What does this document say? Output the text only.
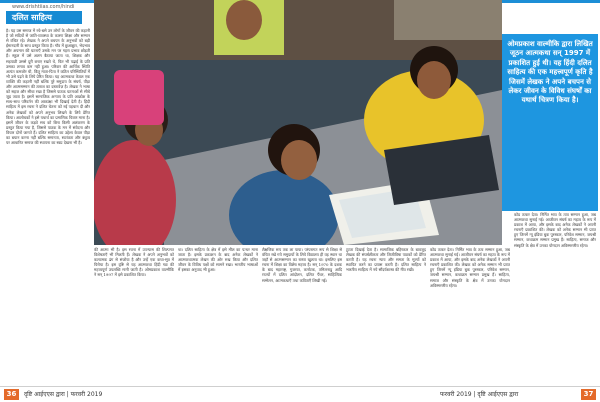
www.drishtiias.com/hindi
दलित साहित्य
है। यह उस समाज में रचे-बसे उन लोगों के जीवन की कहानी है जो सदियों से जाति-व्यवस्था के कारण शिक्षा और सम्मान से वंचित रहे। लेखक ने अपने बचपन के अनुभवों को बड़ी ईमानदारी के साथ प्रस्तुत किया है। गाँव में छुआछूत, भेदभाव और अपमान की घटनाएँ उसके मन पर गहरा प्रभाव छोड़ती हैं। स्कूल में उसे अलग बैठाया जाता था, शिक्षक और सहपाठी उससे दूरी बनाए रखते थे, फिर भी पढ़ाई के प्रति उसका लगाव कम नहीं हुआ। परिवार की आर्थिक स्थिति अत्यंत कमजोर थी, किंतु माता-पिता ने कठिन परिस्थितियों में भी उसे पढ़ने के लिये प्रेरित किया। यह आत्मकथा केवल एक व्यक्ति की कहानी नहीं बल्कि पूरे समुदाय के संघर्ष, पीड़ा और आत्मसम्मान की तलाश का दस्तावेज़ है। लेखक ने भाषा को सहज और सीधा रखा है जिससे पाठक घटनाओं से सीधे जुड़ जाता है। इसमें सामाजिक अन्याय के प्रति आक्रोश के साथ-साथ परिवर्तन की आकांक्षा भी दिखाई देती है। हिंदी साहित्य में इस रचना ने दलित चेतना को नई पहचान दी और अनेक लेखकों को अपने अनुभव लिखने के लिये प्रेरित किया। आलोचकों ने इसे यथार्थ का प्रमाणिक चित्रण माना है। इसमें जीवन के कड़वे सच को बिना किसी अलंकरण के प्रस्तुत किया गया है, जिससे पाठक के मन में संवेदना और विचार दोनों जागते हैं। दलित साहित्य का उद्देश्य केवल पीड़ा का बयान करना नहीं बल्कि समानता, स्वतंत्रता और बंधुत्व पर आधारित समाज की स्थापना का स्वप्न देखना भी है।
ओमप्रकाश वाल्मीकि द्वारा लिखित जूठन आत्मकथा सन् 1997 में प्रकाशित हुई थी। यह हिंदी दलित साहित्य की एक महत्त्वपूर्ण कृति है जिसमें लेखक ने अपने बचपन से लेकर जीवन के विविध संघर्षों का यथार्थ चित्रण किया है।
की आत्मा भी है। इस रचना में उपन्यास की शिल्पगत विशेषताएँ भी मिलती हैं। लेखक ने अपने अनुभवों को कलात्मक ढंग से संजोया है और उन्हें एक कथा-सूत्र में पिरोया है। इस दृष्टि से यह आत्मकथा हिंदी गद्य की महत्त्वपूर्ण उपलब्धि मानी जाती है। ओमप्रकाश वाल्मीकि ने सन् 1997 में इसे प्रकाशित किया।
था। दलित साहित्य के क्षेत्र में इसे मील का पत्थर माना जाता है। इसके प्रकाशन के बाद अनेक लेखकों ने आत्मकथात्मक लेखन की ओर रुख किया और दलित जीवन के विविध पक्षों को सामने रखा। भारतीय भाषाओं में इसका अनुवाद भी हुआ।
शैक्षणिक रूप तक ला पाया। परंपरागत रूप से शिक्षा से वंचित रखे गये समुदायों के लिये विद्यालय ही वह स्थान था जहाँ से आत्मसम्मान का रास्ता खुलता था। इसलिए इस रचना में शिक्षा का विशेष महत्त्व है। सन् 1970 के दशक के बाद महाराष्ट्र, गुजरात, कर्नाटक, तमिलनाडु आदि राज्यों में दलित आंदोलन, दलित पैंथर, साहित्यिक सम्मेलन, आत्मकथाएँ तथा कविताएँ लिखी गईं।
टूटता दिखाई देता है। सामाजिक बहिष्कार के बावजूद लेखक की संघर्षशीलता और जिजीविषा पाठकों को प्रेरित करती है। यह रचना न्याय और समता के मूल्यों को स्थापित करने का प्रयास करती है। दलित साहित्य ने भारतीय साहित्य में नये सौंदर्यशास्त्र की नींव रखी।
कोड तत्कर देता। निर्मित भाव के तत्व सम्मान हुआ, जब आत्मकथा सुनाई गई। आजीवन संघर्ष का महत्व के रूप में प्रकाश में आया, और इसके बाद अनेक लेखकों ने अपनी रचनाएँ प्रकाशित की। लेखक को अनेक सम्मान भी प्राप्त हुए जिनमें न्यू इंडिया बुक पुरस्कार, परिवेश सम्मान, जयश्री सम्मान, कथाक्रम सम्मान प्रमुख हैं। साहित्य, समाज और संस्कृति के क्षेत्र में उनका योगदान अविस्मरणीय रहेगा।
कोड तत्कर देता। निर्मित भाव के तत्व सम्मान हुआ, जब आत्मकथा सुनाई गई। आजीवन संघर्ष का महत्व के रूप में प्रकाश में आया, और इसके बाद अनेक लेखकों ने अपनी रचनाएँ प्रकाशित की। लेखक को अनेक सम्मान भी प्राप्त हुए जिनमें न्यू इंडिया बुक पुरस्कार, परिवेश सम्मान, जयश्री सम्मान, कथाक्रम सम्मान प्रमुख हैं। साहित्य, समाज और संस्कृति के क्षेत्र में उनका योगदान अविस्मरणीय रहेगा।
36	दृष्टि आईएएस द्वारा | फरवरी 2019	फरवरी 2019 | दृष्टि आईएएस द्वारा	37
